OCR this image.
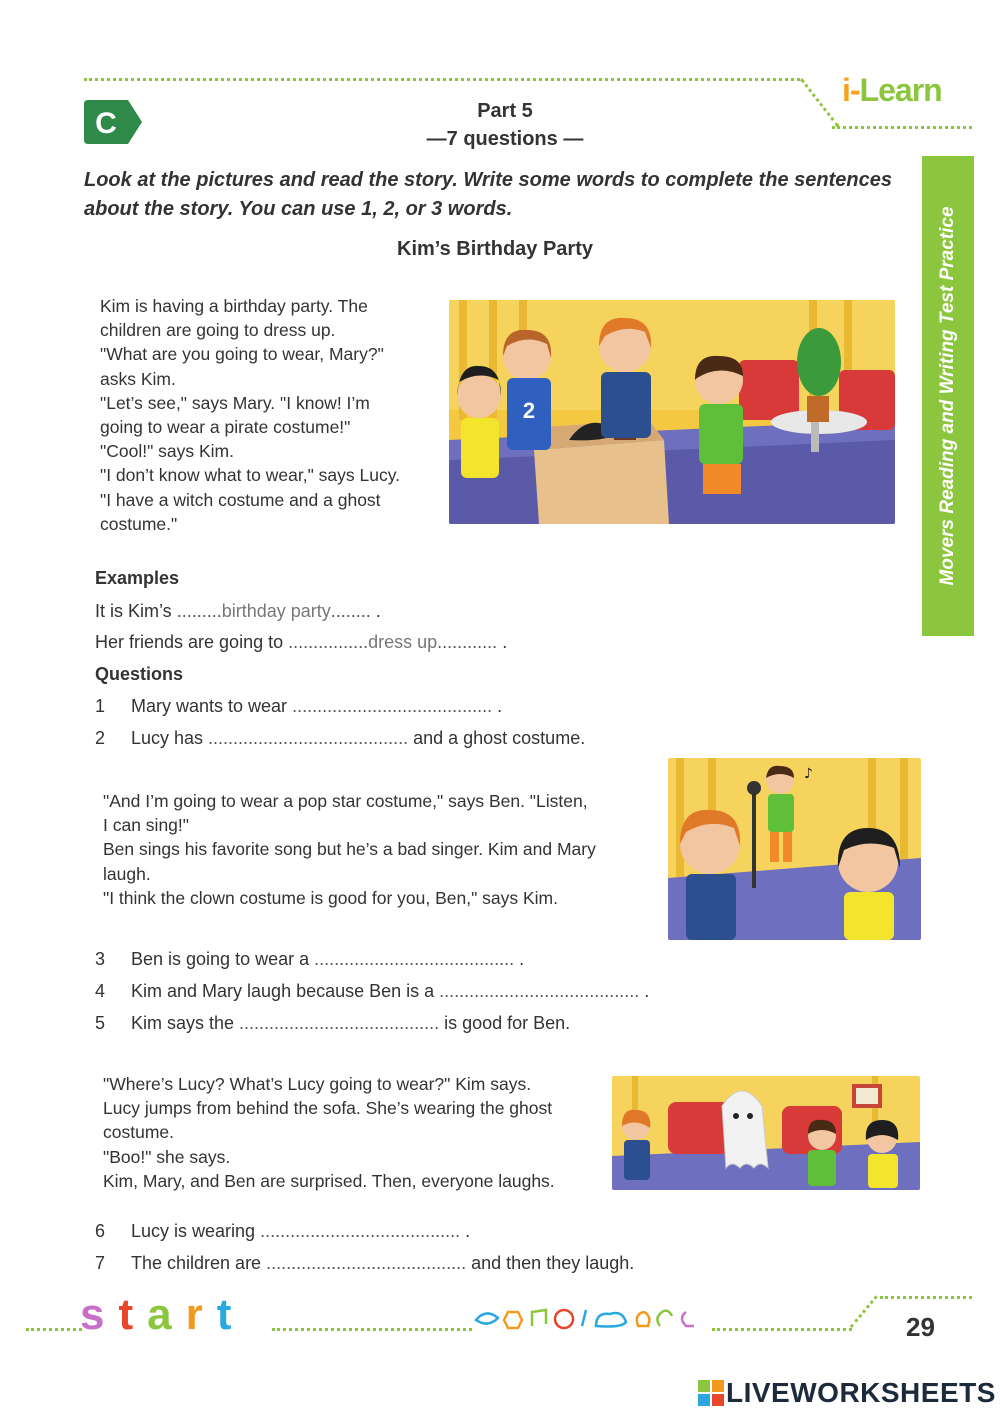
C	Part 5
—7 questions —
i-Learn
Movers Reading and Writing Test Practice
Look at the pictures and read the story. Write some words to complete the sentences about the story. You can use 1, 2, or 3 words.
Kim’s Birthday Party

Kim is having a birthday party. The

children are going to dress up.

"What are you going to wear, Mary?"

asks Kim.

"Let’s see," says Mary. "I know! I’m

going to wear a pirate costume!"

"Cool!" says Kim.

"I don’t know what to wear," says Lucy.

"I have a witch costume and a ghost

costume."

2
Examples
It is Kim’s .........birthday party........ .
Her friends are going to ................dress up............ .
Questions
1 Mary wants to wear ........................................ .
2 Lucy has ........................................ and a ghost costume.

"And I’m going to wear a pop star costume," says Ben. "Listen,

I can sing!"

Ben sings his favorite song but he’s a bad singer. Kim and Mary

laugh.

"I think the clown costume is good for you, Ben," says Kim.

♪
3 Ben is going to wear a ........................................ .
4 Kim and Mary laugh because Ben is a ........................................ .
5 Kim says the ........................................ is good for Ben.

"Where’s Lucy? What’s Lucy going to wear?" Kim says.

Lucy jumps from behind the sofa. She’s wearing the ghost

costume.

"Boo!" she says.

Kim, Mary, and Ben are surprised. Then, everyone laughs.

6 Lucy is wearing ........................................ .
7 The children are ........................................ and then they laugh.
start	29
LIVEWORKSHEETS
